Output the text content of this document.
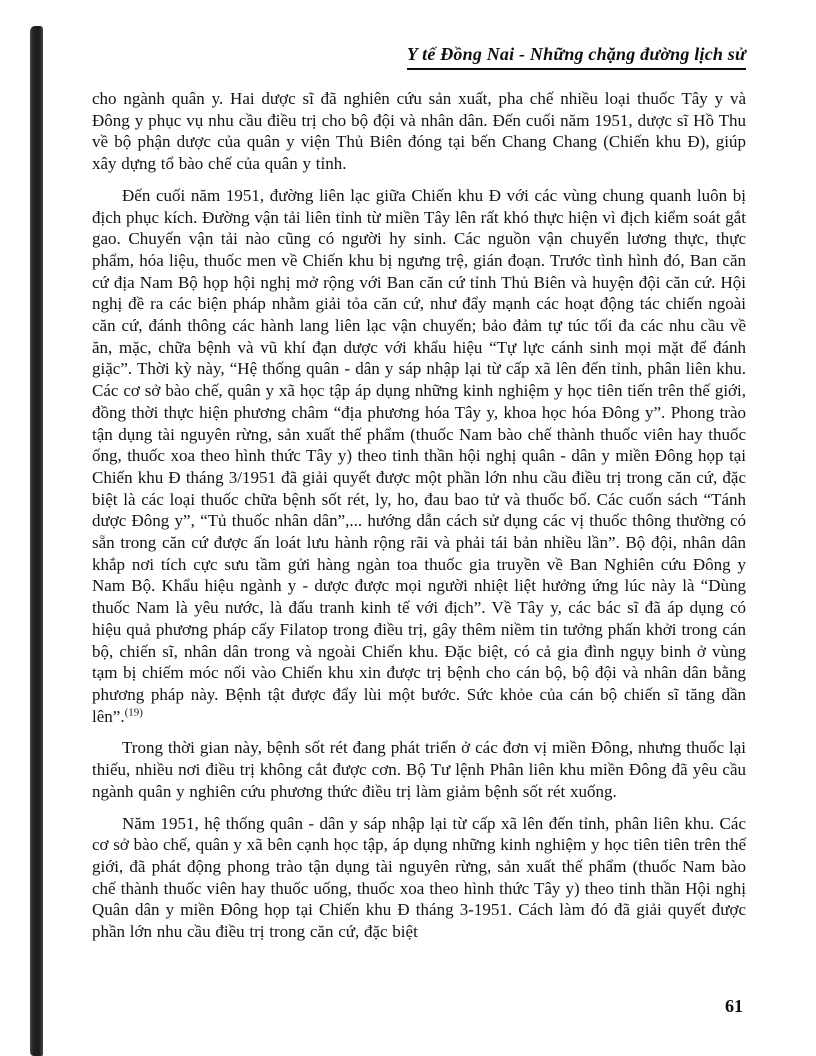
Y tế Đồng Nai - Những chặng đường lịch sử

cho ngành quân y. Hai dược sĩ đã nghiên cứu sản xuất, pha chế nhiều loại thuốc Tây y và Đông y phục vụ nhu cầu điều trị cho bộ đội và nhân dân. Đến cuối năm 1951, dược sĩ Hồ Thu về bộ phận dược của quân y viện Thủ Biên đóng tại bến Chang Chang (Chiến khu Đ), giúp xây dựng tổ bào chế của quân y tỉnh.

Đến cuối năm 1951, đường liên lạc giữa Chiến khu Đ với các vùng chung quanh luôn bị địch phục kích. Đường vận tải liên tỉnh từ miền Tây lên rất khó thực hiện vì địch kiểm soát gắt gao. Chuyến vận tải nào cũng có người hy sinh. Các nguồn vận chuyển lương thực, thực phẩm, hóa liệu, thuốc men về Chiến khu bị ngưng trệ, gián đoạn. Trước tình hình đó, Ban căn cứ địa Nam Bộ họp hội nghị mở rộng với Ban căn cứ tỉnh Thủ Biên và huyện đội căn cứ. Hội nghị đề ra các biện pháp nhằm giải tỏa căn cứ, như đẩy mạnh các hoạt động tác chiến ngoài căn cứ, đánh thông các hành lang liên lạc vận chuyển; bảo đảm tự túc tối đa các nhu cầu về ăn, mặc, chữa bệnh và vũ khí đạn dược với khẩu hiệu “Tự lực cánh sinh mọi mặt để đánh giặc”. Thời kỳ này, “Hệ thống quân - dân y sáp nhập lại từ cấp xã lên đến tỉnh, phân liên khu. Các cơ sở bào chế, quân y xã học tập áp dụng những kinh nghiệm y học tiên tiến trên thế giới, đồng thời thực hiện phương châm “địa phương hóa Tây y, khoa học hóa Đông y”. Phong trào tận dụng tài nguyên rừng, sản xuất thế phẩm (thuốc Nam bào chế thành thuốc viên hay thuốc ống, thuốc xoa theo hình thức Tây y) theo tinh thần hội nghị quân - dân y miền Đông họp tại Chiến khu Đ tháng 3/1951 đã giải quyết được một phần lớn nhu cầu điều trị trong căn cứ, đặc biệt là các loại thuốc chữa bệnh sốt rét, ly, ho, đau bao tử và thuốc bổ. Các cuốn sách “Tánh dược Đông y”, “Tủ thuốc nhân dân”,... hướng dẫn cách sử dụng các vị thuốc thông thường có sẵn trong căn cứ được ấn loát lưu hành rộng rãi và phải tái bản nhiều lần”. Bộ đội, nhân dân khắp nơi tích cực sưu tầm gửi hàng ngàn toa thuốc gia truyền về Ban Nghiên cứu Đông y Nam Bộ. Khẩu hiệu ngành y - dược được mọi người nhiệt liệt hưởng ứng lúc này là “Dùng thuốc Nam là yêu nước, là đấu tranh kinh tế với địch”. Về Tây y, các bác sĩ đã áp dụng có hiệu quả phương pháp cấy Filatop trong điều trị, gây thêm niềm tin tưởng phấn khởi trong cán bộ, chiến sĩ, nhân dân trong và ngoài Chiến khu. Đặc biệt, có cả gia đình ngụy binh ở vùng tạm bị chiếm móc nối vào Chiến khu xin được trị bệnh cho cán bộ, bộ đội và nhân dân bằng phương pháp này. Bệnh tật được đẩy lùi một bước. Sức khỏe của cán bộ chiến sĩ tăng dần lên”.$^{(19)}$

Trong thời gian này, bệnh sốt rét đang phát triển ở các đơn vị miền Đông, nhưng thuốc lại thiếu, nhiều nơi điều trị không cắt được cơn. Bộ Tư lệnh Phân liên khu miền Đông đã yêu cầu ngành quân y nghiên cứu phương thức điều trị làm giảm bệnh sốt rét xuống.

Năm 1951, hệ thống quân - dân y sáp nhập lại từ cấp xã lên đến tỉnh, phân liên khu. Các cơ sở bào chế, quân y xã bên cạnh học tập, áp dụng những kinh nghiệm y học tiên tiên trên thế giới, đã phát động phong trào tận dụng tài nguyên rừng, sản xuất thế phẩm (thuốc Nam bào chế thành thuốc viên hay thuốc uống, thuốc xoa theo hình thức Tây y) theo tinh thần Hội nghị Quân dân y miền Đông họp tại Chiến khu Đ tháng 3-1951. Cách làm đó đã giải quyết được phần lớn nhu cầu điều trị trong căn cứ, đặc biệt

61
